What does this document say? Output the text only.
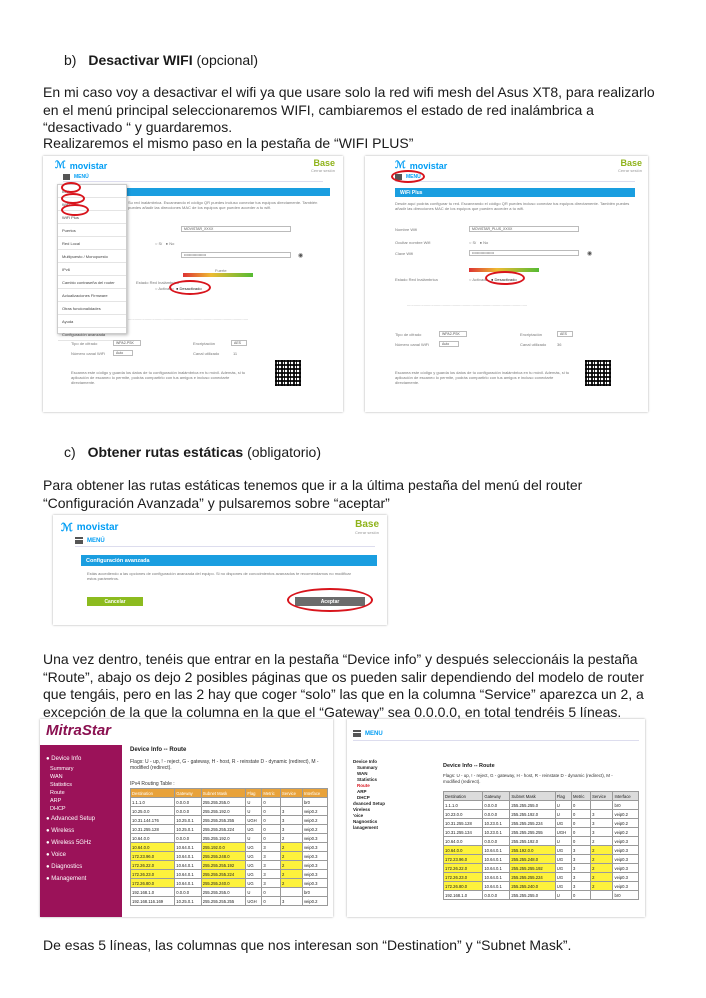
b) Desactivar WIFI (opcional)
En mi caso voy a desactivar el wifi ya que usare solo la red wifi mesh del Asus XT8, para realizarlo en el menú principal seleccionaremos WIFI, cambiaremos el estado de red inalámbrica a “desactivado “ y guardaremos.
Realizaremos el mismo paso en la pestaña de “WIFI PLUS”
ℳ movistar	Base
Cerrar sesión
MENÚ
Su red inalámbrica. Escaneando el código QR puedes incluso conectar tus equipos directamente. También puedes añadir las direcciones MAC de los equipos que pueden acceder a tu wifi.
MOVISTAR_XXXX
○ Sí   ● No
••••••••••••••••••	◉
Fuerte
Estado Red Inalámbrica
○ Activado ● Desactivado
Inicio
WiFi
WiFi Plus
Puertos
Red Local
Multipuesto / Monopuesto
IPv6
Cambio contraseña del router
Actualizaciones Firmware
Otras funcionalidades
Ayuda
Configuración avanzada
............................................................................................................
Tipo de cifrado	WPA2-PSK	Encriptación	AES
Número canal WiFi	Auto	Canal utilizado	11
Escanea este código y guarda los datos de tu configuración inalámbrica en tu móvil. Además, si tu aplicación de escaneo lo permite, podrás compartirlo con tus amigos e incluso conectarte directamente.
ℳ movistar	Base
Cerrar sesión
MENÚ
WiFi Plus
Desde aquí podrás configurar tu red. Escaneando el código QR puedes incluso conectar tus equipos directamente. También puedes añadir las direcciones MAC de los equipos que pueden acceder a tu wifi.
Nombre Wifi	MOVISTAR_PLUS_XXXX
Ocultar nombre Wifi	○ Sí   ● No
Clave Wifi	••••••••••••••••••	◉
Estado Red Inalámbrica	○ Activado ● Desactivado
............................................................................................................
Tipo de cifrado	WPA2-PSK	Encriptación	AES
Número canal WiFi	Auto	Canal utilizado	36
Escanea este código y guarda los datos de tu configuración inalámbrica en tu móvil. Además, si tu aplicación de escaneo lo permite, podrás compartirlo con tus amigos e incluso conectarte directamente.
c) Obtener rutas estáticas (obligatorio)
Para obtener las rutas estáticas tenemos que ir a la última pestaña del menú del router “Configuración Avanzada” y pulsaremos sobre “aceptar”
ℳ movistar	Base
Cerrar sesión
MENÚ
Configuración avanzada
Estás accediendo a las opciones de configuración avanzada del equipo. Si no dispones de conocimientos avanzados te recomendamos no modificar estos parámetros.
Cancelar	Aceptar
Una vez dentro, tenéis que entrar en la pestaña “Device info” y después seleccionáis la pestaña “Route”, abajo os dejo 2 posibles páginas que os pueden salir dependiendo del modelo de router que tengáis, pero en las 2 hay que coger “solo” las que en la columna “Service” aparezca un 2, a excepción de la que la columna en la que el “Gateway” sea 0.0.0.0, en total tendréis 5 líneas.
MitraStar
● Device Info
Summary
WAN
Statistics
Route
ARP
DHCP
● Advanced Setup
● Wireless
● Wireless 5GHz
● Voice
● Diagnostics
● Management
Device Info -- Route
Flags: U - up, ! - reject, G - gateway, H - host, R - reinstate D - dynamic (redirect), M - modified (redirect).
IPv4 Routing Table :
Destination	Gateway	Subnet Mask	Flag	Metric	Service	Interface
1.1.1.0	0.0.0.0	255.255.255.0	U	0		br0
10.25.0.0	0.0.0.0	255.255.192.0	U	0	3	veip0.2
10.31.144.176	10.25.0.1	255.255.255.255	UGH	0	3	veip0.2
10.31.255.128	10.25.0.1	255.255.255.224	UG	0	3	veip0.2
10.64.0.0	0.0.0.0	255.255.192.0	U	0	2	veip0.3
10.64.0.0	10.64.0.1	255.192.0.0	UG	3	2	veip0.3
172.23.96.0	10.64.0.1	255.255.248.0	UG	3	2	veip0.3
172.26.22.0	10.64.0.1	255.255.255.192	UG	3	2	veip0.3
172.26.23.0	10.64.0.1	255.255.255.224	UG	3	2	veip0.3
172.26.80.0	10.64.0.1	255.255.240.0	UG	3	2	veip0.3
192.168.1.0	0.0.0.0	255.255.255.0	U	0		br0
192.168.116.169	10.25.0.1	255.255.255.255	UGH	0	3	veip0.2
MENU
Device Info
Summary
WAN
Statistics
Route
ARP
DHCP
dvanced Setup
Vireless
'oice
Nagnostics
lanagement
Device Info -- Route
Flags: U - up, ! - reject, G - gateway, H - host, R - reinstate D - dynamic (redirect), M - modified (redirect).
Destination	Gateway	Subnet Mask	Flag	Metric	Service	Interface
1.1.1.0	0.0.0.0	255.255.255.0	U	0		br0
10.23.0.0	0.0.0.0	255.255.192.0	U	0	3	veip0.2
10.31.255.128	10.23.0.1	255.255.255.224	UG	0	3	veip0.2
10.31.255.134	10.23.0.1	255.255.255.255	UGH	0	3	veip0.2
10.64.0.0	0.0.0.0	255.255.192.0	U	0	2	veip0.3
10.64.0.0	10.64.0.1	255.192.0.0	UG	3	2	veip0.3
172.23.96.0	10.64.0.1	255.255.248.0	UG	3	2	veip0.3
172.26.22.0	10.64.0.1	255.255.255.192	UG	3	2	veip0.3
172.26.23.0	10.64.0.1	255.255.255.224	UG	3	2	veip0.3
172.26.80.0	10.64.0.1	255.255.240.0	UG	3	2	veip0.3
192.168.1.0	0.0.0.0	255.255.255.0	U	0		br0
De esas 5 líneas, las columnas que nos interesan son “Destination” y “Subnet Mask”.
